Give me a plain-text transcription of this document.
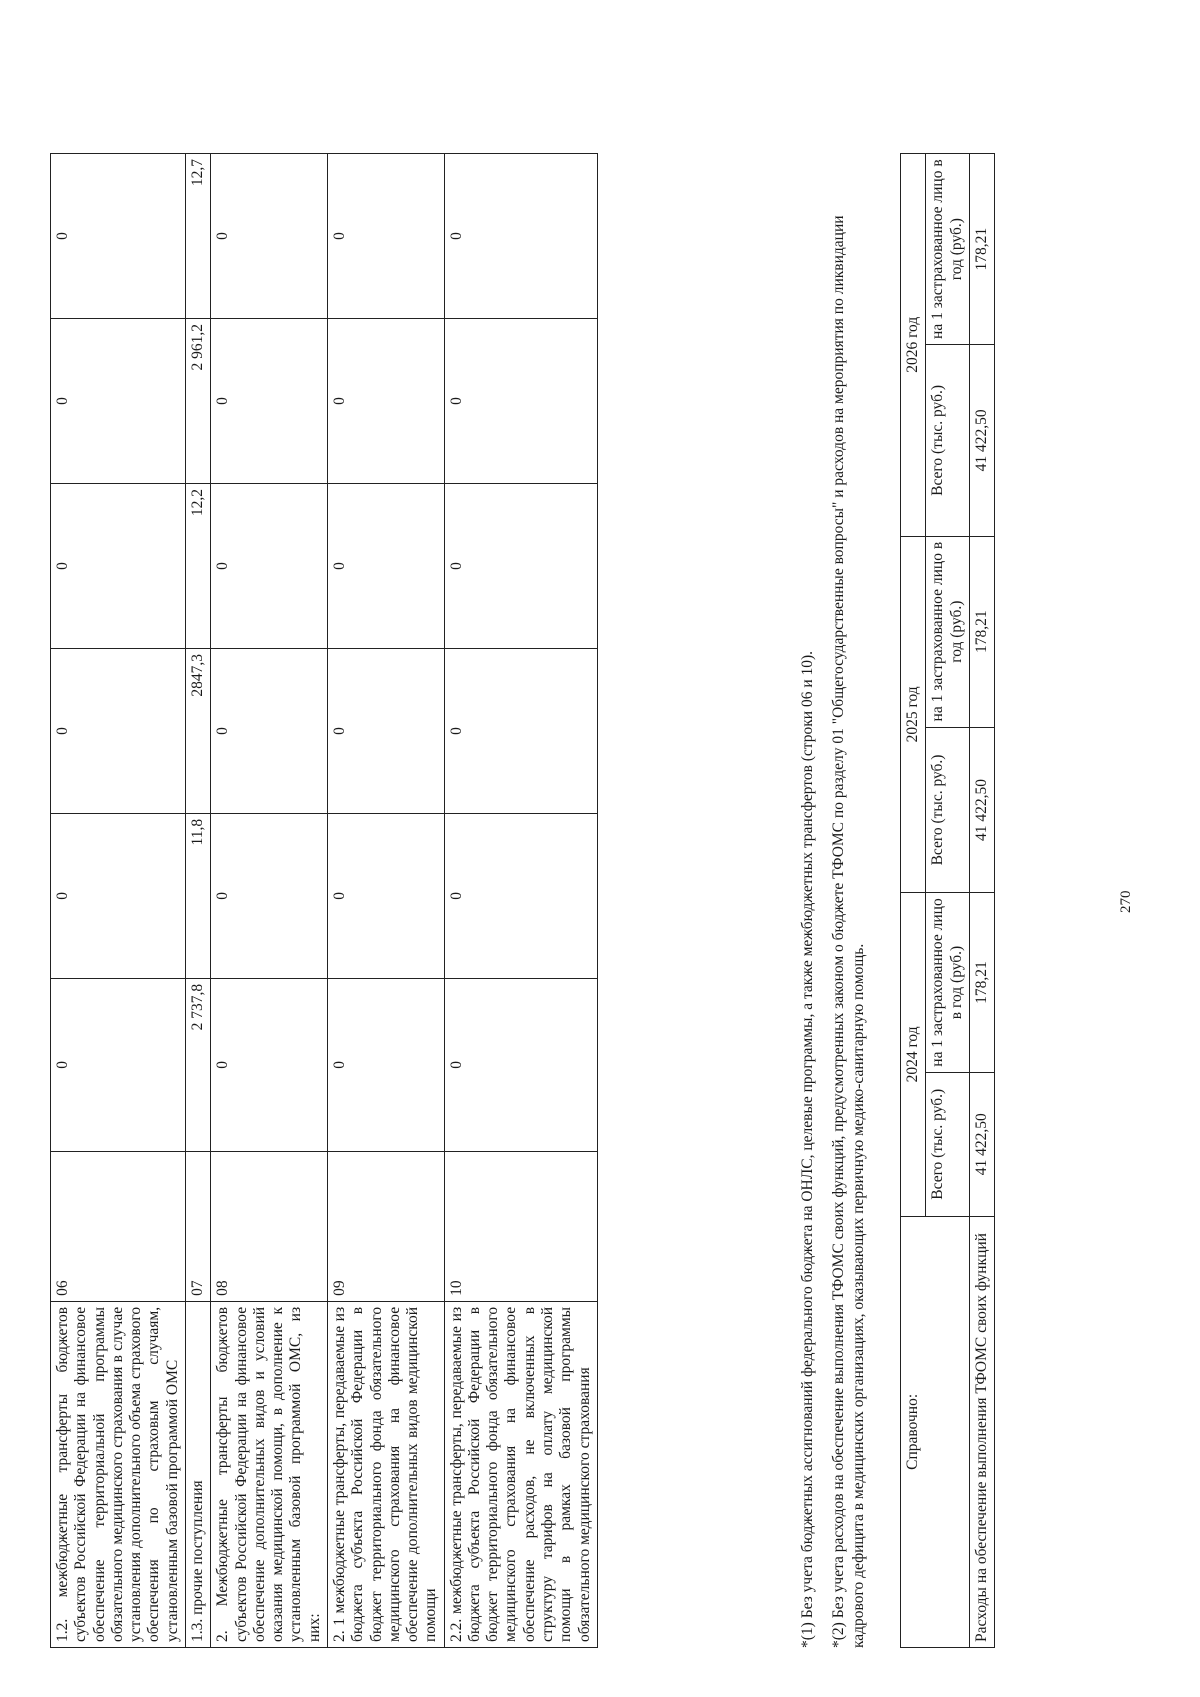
1.2. межбюджетные трансферты бюджетов субъектов Российской Федерации на финансовое обеспечение территориальной программы обязательного медицинского страхования в случае установления дополнительного объема страхового обеспечения по страховым случаям, установленным базовой программой ОМС	06	0	0	0	0	0	0
1.3. прочие поступления	07	2 737,8	11,8	2847,3	12,2	2 961,2	12,7
2. Межбюджетные трансферты бюджетов субъектов Российской Федерации на финансовое обеспечение дополнительных видов и условий оказания медицинской помощи, в дополнение к установленным базовой программой ОМС, из них:	08	0	0	0	0	0	0
2. 1 межбюджетные трансферты, передаваемые из бюджета субъекта Российской Федерации в бюджет территориального фонда обязательного медицинского страхования на финансовое обеспечение дополнительных видов медицинской помощи	09	0	0	0	0	0	0
2.2. межбюджетные трансферты, передаваемые из бюджета субъекта Российской Федерации в бюджет территориального фонда обязательного медицинского страхования на финансовое обеспечение расходов, не включенных в структуру тарифов на оплату медицинской помощи в рамках базовой программы обязательного медицинского страхования	10	0	0	0	0	0	0

*(1) Без учета бюджетных ассигнований федерального бюджета на ОНЛС, целевые программы, а также межбюджетных трансфертов (строки 06 и 10). *(2) Без учета расходов на обеспечение выполнения ТФОМС своих функций, предусмотренных законом о бюджете ТФОМС по разделу 01 "Общегосударственные вопросы" и расходов на мероприятия по ликвидации кадрового дефицита в медицинских организациях, оказывающих первичную медико-санитарную помощь. Справочно:	2024 год		2025 год		2026 год	
	Всего (тыс. руб.)	на 1 застрахованное лицо в год (руб.)	Всего (тыс. руб.)	на 1 застрахованное лицо в год (руб.)	Всего (тыс. руб.)	на 1 застрахованное лицо в год (руб.)
Расходы на обеспечение выполнения ТФОМС своих функций	41 422,50	178,21	41 422,50	178,21	41 422,50	178,21
270
